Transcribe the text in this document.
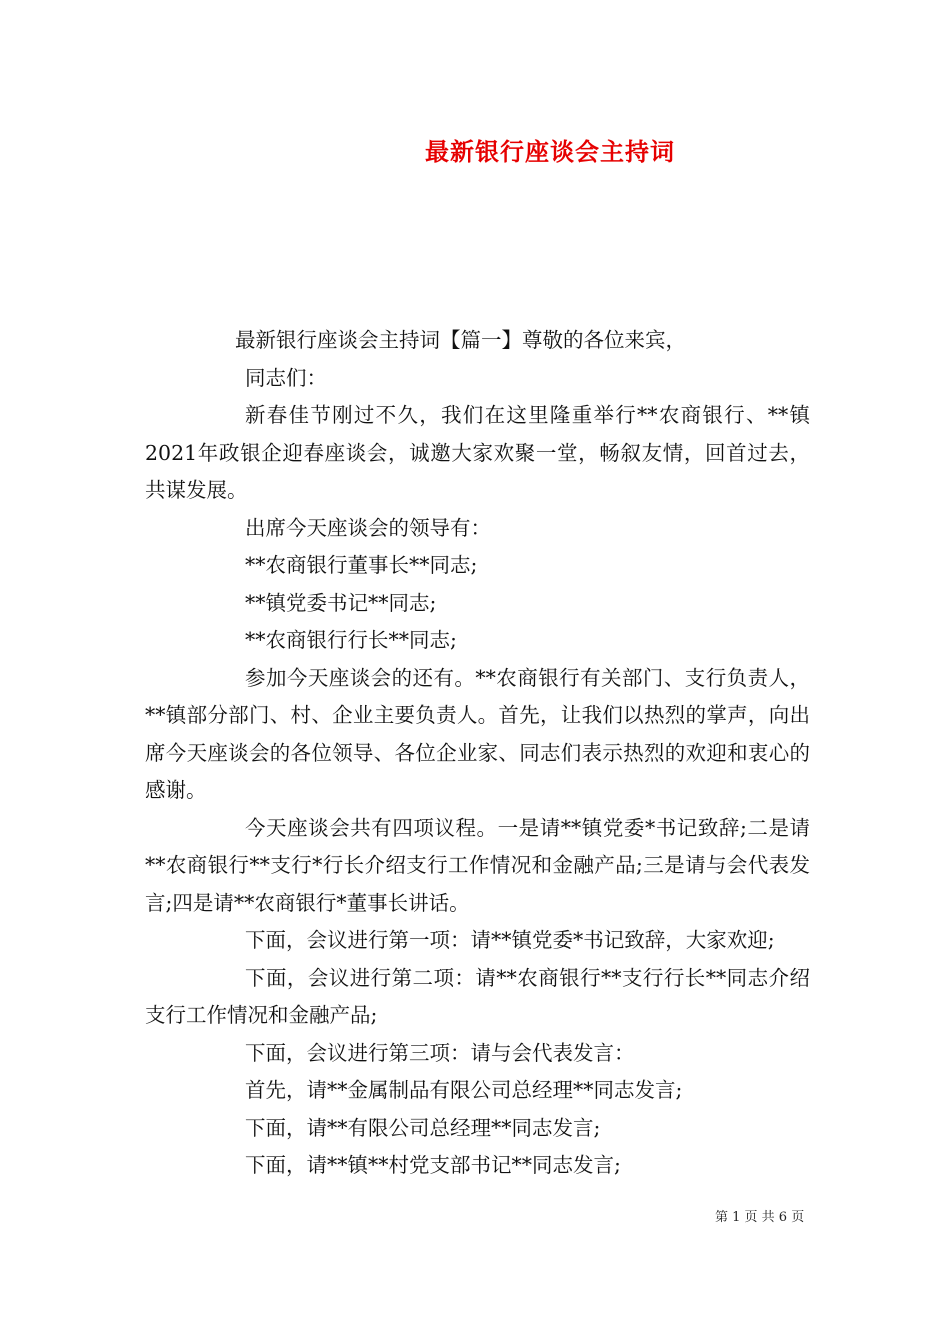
最新银行座谈会主持词

最新银行座谈会主持词【篇一】尊敬的各位来宾，

同志们：

新春佳节刚过不久，我们在这里隆重举行**农商银行、**镇2021年政银企迎春座谈会，诚邀大家欢聚一堂，畅叙友情，回首过去，共谋发展。

出席今天座谈会的领导有：

**农商银行董事长**同志;

**镇党委书记**同志;

**农商银行行长**同志;

参加今天座谈会的还有。**农商银行有关部门、支行负责人，**镇部分部门、村、企业主要负责人。首先，让我们以热烈的掌声，向出席今天座谈会的各位领导、各位企业家、同志们表示热烈的欢迎和衷心的感谢。

今天座谈会共有四项议程。一是请**镇党委*书记致辞;二是请**农商银行**支行*行长介绍支行工作情况和金融产品;三是请与会代表发言;四是请**农商银行*董事长讲话。

下面，会议进行第一项：请**镇党委*书记致辞，大家欢迎;

下面，会议进行第二项：请**农商银行**支行行长**同志介绍支行工作情况和金融产品;

下面，会议进行第三项：请与会代表发言：

首先，请**金属制品有限公司总经理**同志发言;

下面，请**有限公司总经理**同志发言;

下面，请**镇**村党支部书记**同志发言;

第 1 页 共 6 页
